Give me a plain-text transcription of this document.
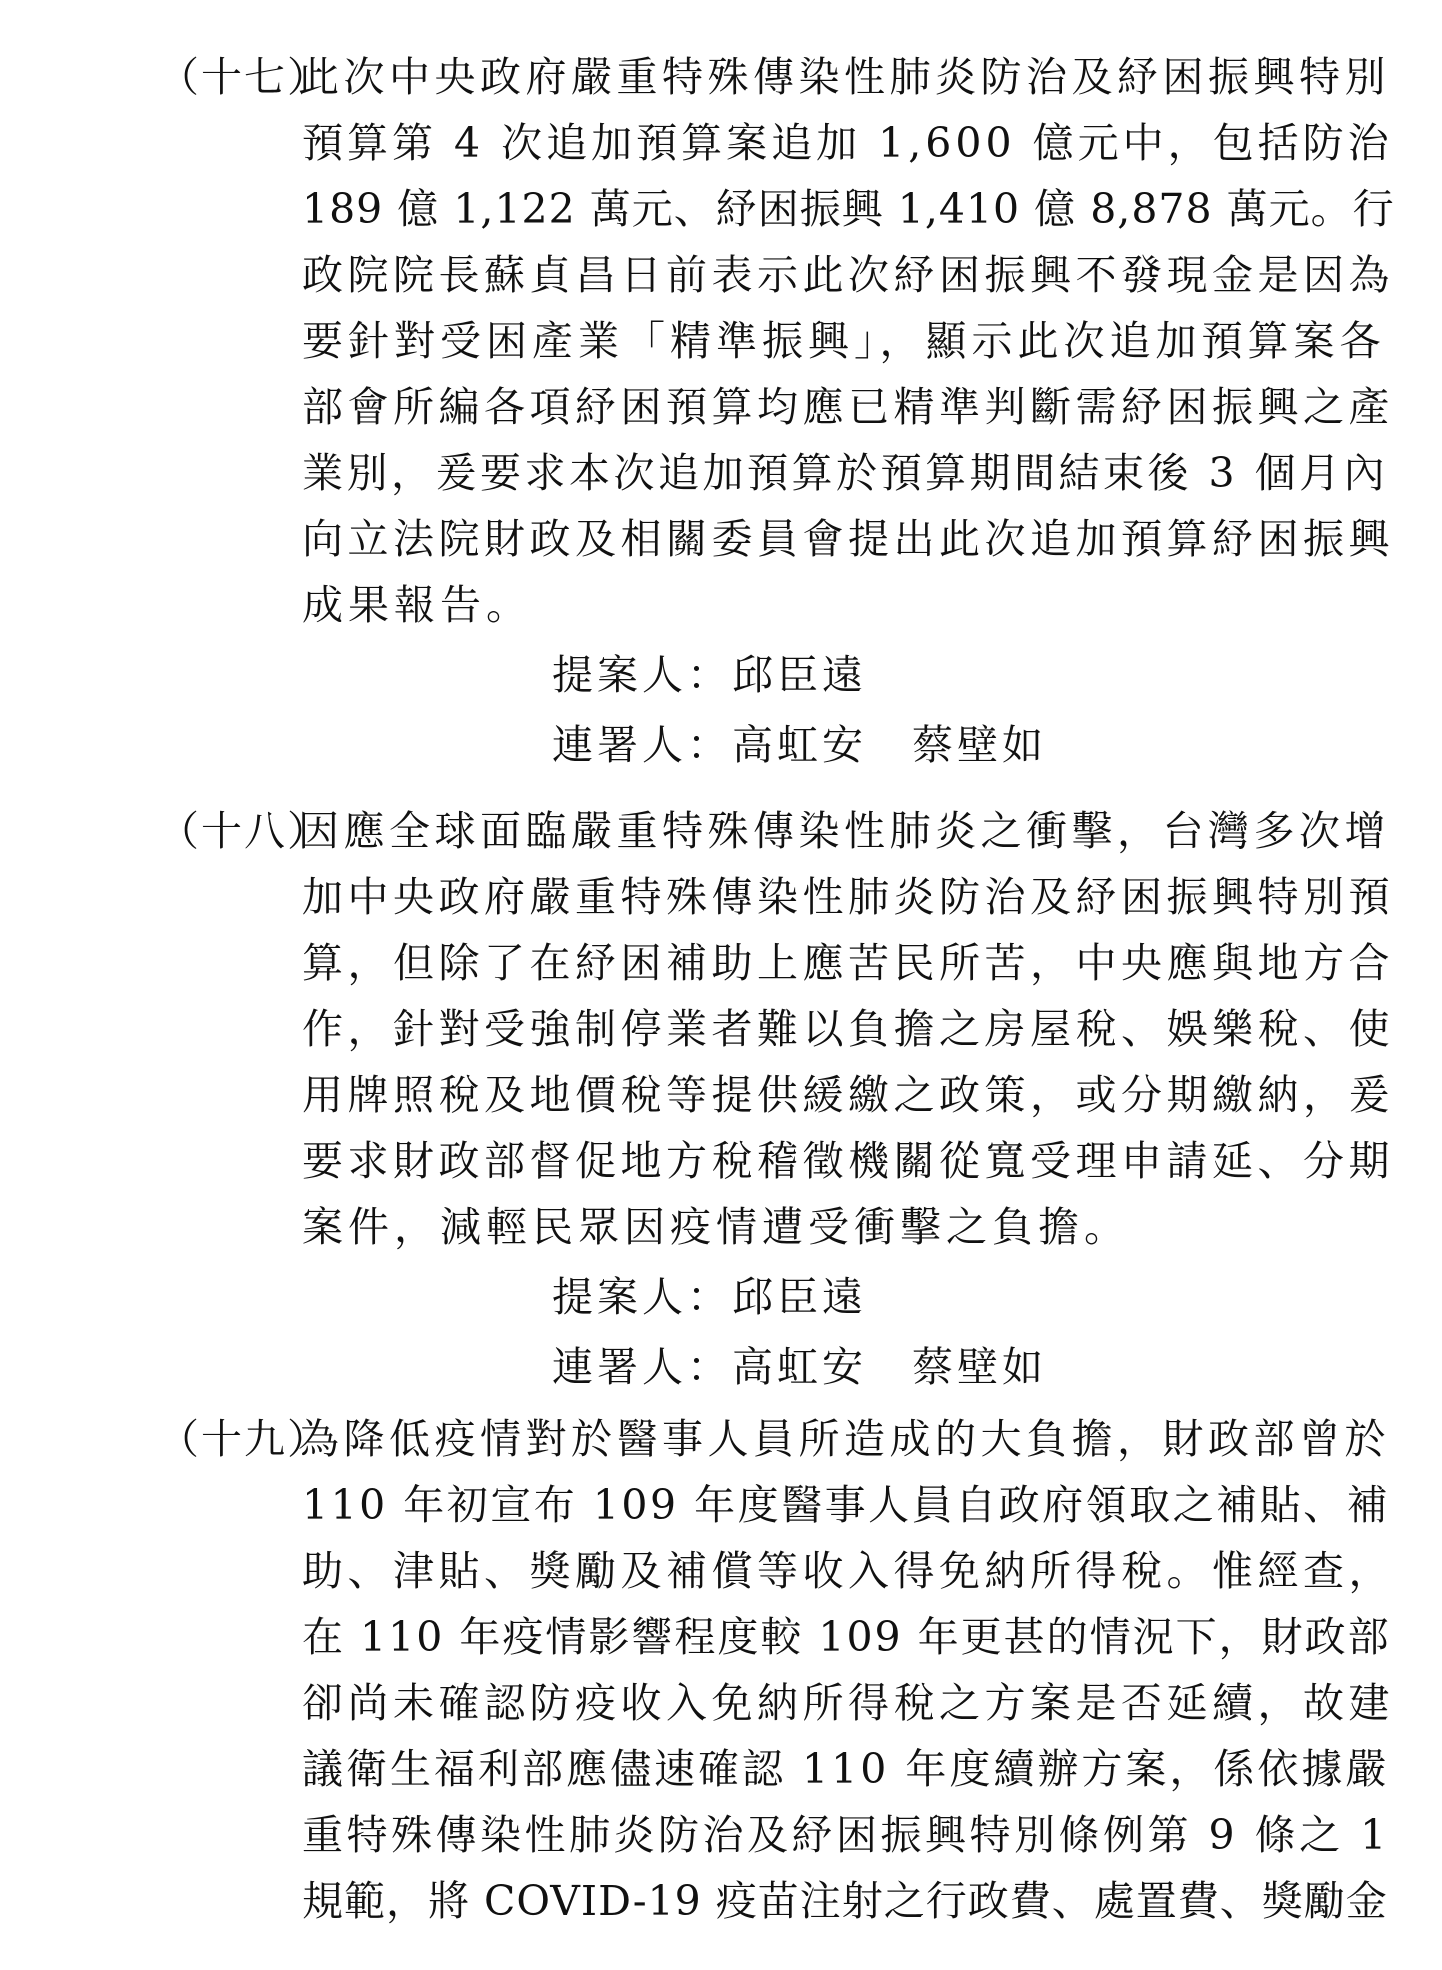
（十七）
此次中央政府嚴重特殊傳染性肺炎防治及紓困振興特別
預算第 4 次追加預算案追加 1,600 億元中，包括防治
189 億 1,122 萬元、紓困振興 1,410 億 8,878 萬元。行
政院院長蘇貞昌日前表示此次紓困振興不發現金是因為
要針對受困產業「精準振興」，顯示此次追加預算案各
部會所編各項紓困預算均應已精準判斷需紓困振興之產
業別，爰要求本次追加預算於預算期間結束後 3 個月內
向立法院財政及相關委員會提出此次追加預算紓困振興
成果報告。
提案人：邱臣遠
連署人：高虹安　蔡壁如
（十八）
因應全球面臨嚴重特殊傳染性肺炎之衝擊，台灣多次增
加中央政府嚴重特殊傳染性肺炎防治及紓困振興特別預
算，但除了在紓困補助上應苦民所苦，中央應與地方合
作，針對受強制停業者難以負擔之房屋稅、娛樂稅、使
用牌照稅及地價稅等提供緩繳之政策，或分期繳納，爰
要求財政部督促地方稅稽徵機關從寬受理申請延、分期
案件，減輕民眾因疫情遭受衝擊之負擔。
提案人：邱臣遠
連署人：高虹安　蔡壁如
（十九）
為降低疫情對於醫事人員所造成的大負擔，財政部曾於
110 年初宣布 109 年度醫事人員自政府領取之補貼、補
助、津貼、獎勵及補償等收入得免納所得稅。惟經查，
在 110 年疫情影響程度較 109 年更甚的情況下，財政部
卻尚未確認防疫收入免納所得稅之方案是否延續，故建
議衛生福利部應儘速確認 110 年度續辦方案，係依據嚴
重特殊傳染性肺炎防治及紓困振興特別條例第 9 條之 1
規範，將 COVID-19 疫苗注射之行政費、處置費、獎勵金
